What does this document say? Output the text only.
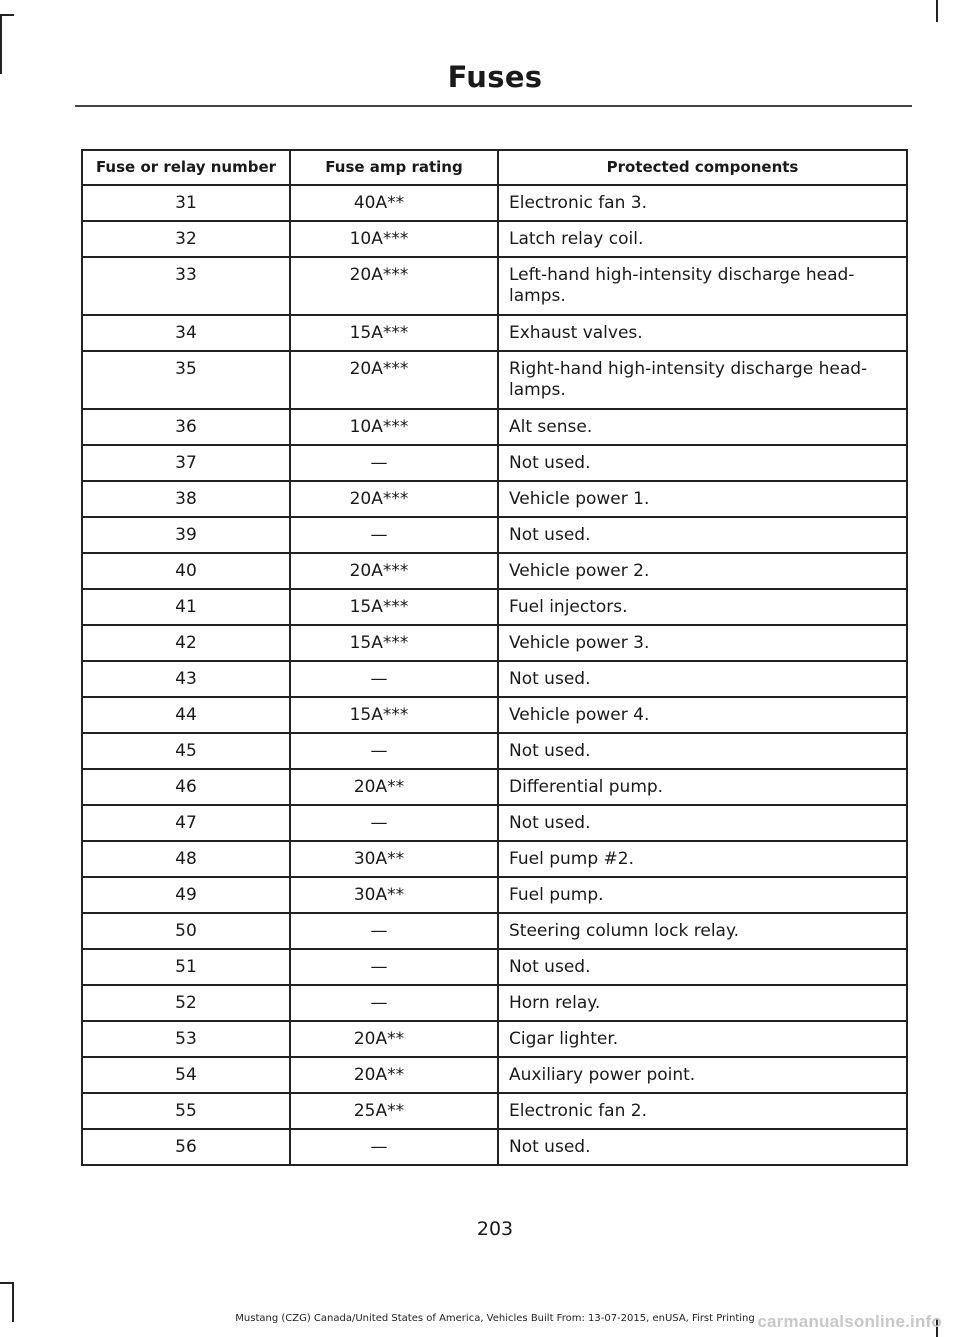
Fuses
Fuse or relay number	Fuse amp rating	Protected components
31	40A**	Electronic fan 3.
32	10A***	Latch relay coil.
33	20A***	Left-hand high-intensity discharge head-lamps.
34	15A***	Exhaust valves.
35	20A***	Right-hand high-intensity discharge head-lamps.
36	10A***	Alt sense.
37	—	Not used.
38	20A***	Vehicle power 1.
39	—	Not used.
40	20A***	Vehicle power 2.
41	15A***	Fuel injectors.
42	15A***	Vehicle power 3.
43	—	Not used.
44	15A***	Vehicle power 4.
45	—	Not used.
46	20A**	Differential pump.
47	—	Not used.
48	30A**	Fuel pump #2.
49	30A**	Fuel pump.
50	—	Steering column lock relay.
51	—	Not used.
52	—	Horn relay.
53	20A**	Cigar lighter.
54	20A**	Auxiliary power point.
55	25A**	Electronic fan 2.
56	—	Not used.
203
Mustang (CZG) Canada/United States of America, Vehicles Built From: 13-07-2015, enUSA, First Printing carmanualsonline.info
